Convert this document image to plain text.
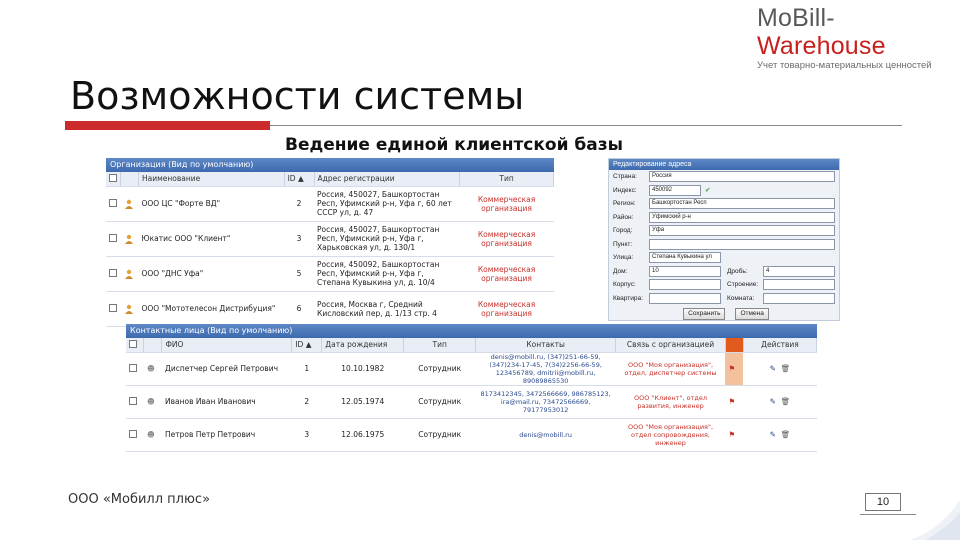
MoBill-Warehouse
Учет товарно-материальных ценностей
Возможности системы
Ведение единой клиентской базы
Организация (Вид по умолчанию)
		Наименование	ID ▲	Адрес регистрации	Тип
		ООО ЦС "Форте ВД"	2	Россия, 450027, Башкортостан Респ, Уфимский р-н, Уфа г, 60 лет СССР ул, д. 47	Коммерческая организация
		Юкатис ООО "Клиент"	3	Россия, 450027, Башкортостан Респ, Уфимский р-н, Уфа г, Харьковская ул, д. 130/1	Коммерческая организация
		ООО "ДНС Уфа"	5	Россия, 450092, Башкортостан Респ, Уфимский р-н, Уфа г, Степана Кувыкина ул, д. 10/4	Коммерческая организация
		ООО "Мототелесон Дистрибуция"	6	Россия, Москва г, Средний Кисловский пер, д. 1/13 стр. 4	Коммерческая организация
Редактирование адреса
Страна:	Россия
Индекс:	450092	✔
Регион:	Башкортостан Респ
Район:	Уфимский р-н
Город:	Уфа
Пункт:
Улица:	Степана Кувыкина ул
Дом:	10	Дробь:	4
Корпус:	Строение:
Квартира:	Комната:
Сохранить	Отмена
Контактные лица (Вид по умолчанию)
		ФИО	ID ▲	Дата рождения	Тип	Контакты	Связь с организацией		Действия
	☻	Диспетчер Сергей Петрович	1	10.10.1982	Сотрудник	denis@mobill.ru, (347)251-66-59, (347)234-17-45, 7(34)2256-66-59, 123456789, dmitrii@mobill.ru, 89089865530	ООО "Моя организация", отдел, диспетчер системы	⚑	✎ 🗑
	☻	Иванов Иван Иванович	2	12.05.1974	Сотрудник	8173412345, 3472566669, 986785123, ira@mail.ru, 73472566669, 79177953012	ООО "Клиент", отдел развития, инженер	⚑	✎ 🗑
	☻	Петров Петр Петрович	3	12.06.1975	Сотрудник	denis@mobill.ru	ООО "Моя организация", отдел сопровождения, инженер	⚑	✎ 🗑
ООО «Мобилл плюс»	10
